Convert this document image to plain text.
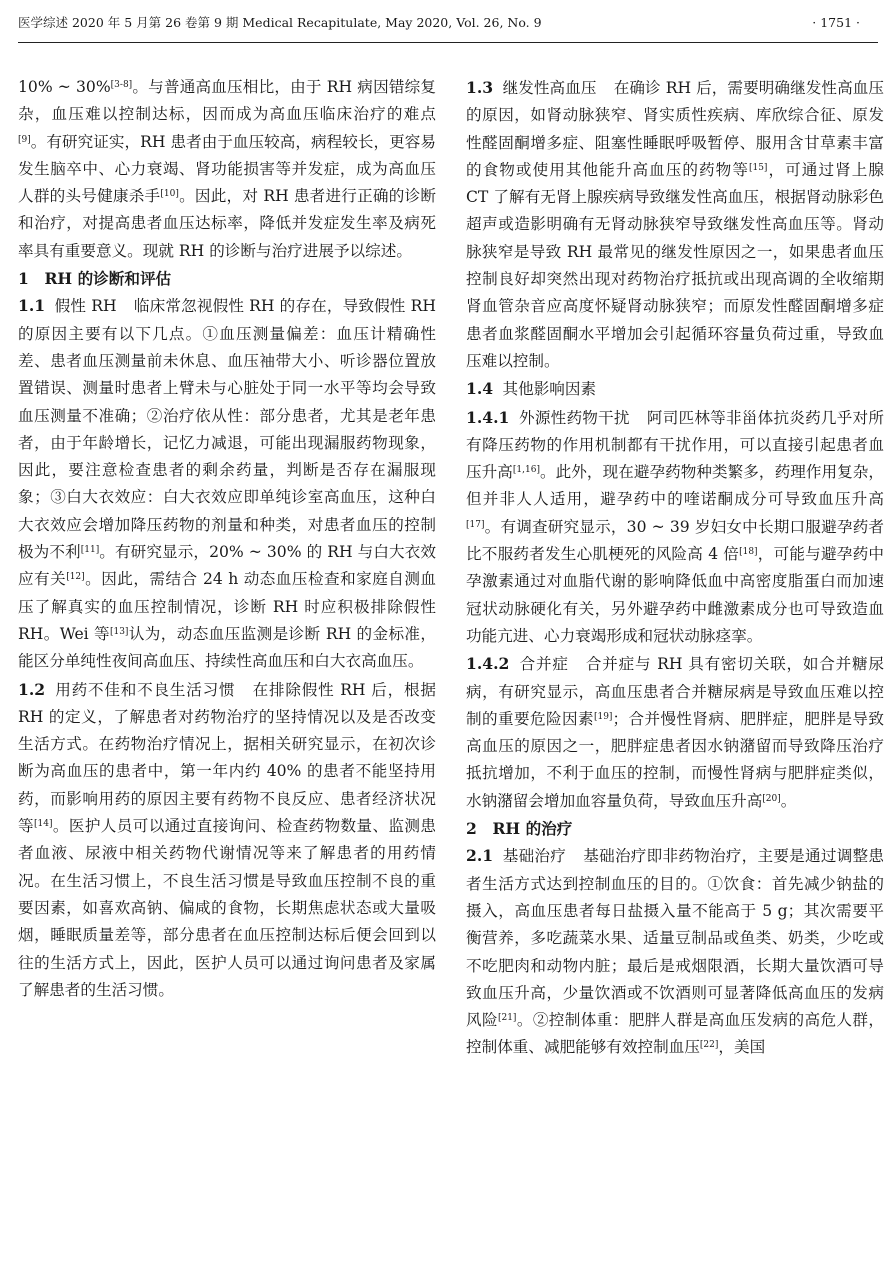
医学综述 2020 年 5 月第 26 卷第 9 期 Medical Recapitulate, May 2020, Vol. 26, No. 9	· 1751 ·

10% ~ 30%[3-8]。与普通高血压相比，由于 RH 病因错综复杂，血压难以控制达标，因而成为高血压临床治疗的难点[9]。有研究证实，RH 患者由于血压较高，病程较长，更容易发生脑卒中、心力衰竭、肾功能损害等并发症，成为高血压人群的头号健康杀手[10]。因此，对 RH 患者进行正确的诊断和治疗，对提高患者血压达标率，降低并发症发生率及病死率具有重要意义。现就 RH 的诊断与治疗进展予以综述。

1　RH 的诊断和评估

1.1 假性 RH 临床常忽视假性 RH 的存在，导致假性 RH 的原因主要有以下几点。①血压测量偏差：血压计精确性差、患者血压测量前未休息、血压袖带大小、听诊器位置放置错误、测量时患者上臂未与心脏处于同一水平等均会导致血压测量不准确；②治疗依从性：部分患者，尤其是老年患者，由于年龄增长，记忆力减退，可能出现漏服药物现象，因此，要注意检查患者的剩余药量，判断是否存在漏服现象；③白大衣效应：白大衣效应即单纯诊室高血压，这种白大衣效应会增加降压药物的剂量和种类，对患者血压的控制极为不利[11]。有研究显示，20% ~ 30% 的 RH 与白大衣效应有关[12]。因此，需结合 24 h 动态血压检查和家庭自测血压了解真实的血压控制情况，诊断 RH 时应积极排除假性 RH。Wei 等[13]认为，动态血压监测是诊断 RH 的金标准，能区分单纯性夜间高血压、持续性高血压和白大衣高血压。

1.2 用药不佳和不良生活习惯 在排除假性 RH 后，根据 RH 的定义，了解患者对药物治疗的坚持情况以及是否改变生活方式。在药物治疗情况上，据相关研究显示，在初次诊断为高血压的患者中，第一年内约 40% 的患者不能坚持用药，而影响用药的原因主要有药物不良反应、患者经济状况等[14]。医护人员可以通过直接询问、检查药物数量、监测患者血液、尿液中相关药物代谢情况等来了解患者的用药情况。在生活习惯上，不良生活习惯是导致血压控制不良的重要因素，如喜欢高钠、偏咸的食物，长期焦虑状态或大量吸烟，睡眠质量差等，部分患者在血压控制达标后便会回到以往的生活方式上，因此，医护人员可以通过询问患者及家属了解患者的生活习惯。

1.3 继发性高血压 在确诊 RH 后，需要明确继发性高血压的原因，如肾动脉狭窄、肾实质性疾病、库欣综合征、原发性醛固酮增多症、阻塞性睡眠呼吸暂停、服用含甘草素丰富的食物或使用其他能升高血压的药物等[15]，可通过肾上腺 CT 了解有无肾上腺疾病导致继发性高血压，根据肾动脉彩色超声或造影明确有无肾动脉狭窄导致继发性高血压等。肾动脉狭窄是导致 RH 最常见的继发性原因之一，如果患者血压控制良好却突然出现对药物治疗抵抗或出现高调的全收缩期肾血管杂音应高度怀疑肾动脉狭窄；而原发性醛固酮增多症患者血浆醛固酮水平增加会引起循环容量负荷过重，导致血压难以控制。

1.4 其他影响因素

1.4.1 外源性药物干扰 阿司匹林等非甾体抗炎药几乎对所有降压药物的作用机制都有干扰作用，可以直接引起患者血压升高[1,16]。此外，现在避孕药物种类繁多，药理作用复杂，但并非人人适用，避孕药中的喹诺酮成分可导致血压升高[17]。有调查研究显示，30 ~ 39 岁妇女中长期口服避孕药者比不服药者发生心肌梗死的风险高 4 倍[18]，可能与避孕药中孕激素通过对血脂代谢的影响降低血中高密度脂蛋白而加速冠状动脉硬化有关，另外避孕药中雌激素成分也可导致造血功能亢进、心力衰竭形成和冠状动脉痉挛。

1.4.2 合并症 合并症与 RH 具有密切关联，如合并糖尿病，有研究显示，高血压患者合并糖尿病是导致血压难以控制的重要危险因素[19]；合并慢性肾病、肥胖症，肥胖是导致高血压的原因之一，肥胖症患者因水钠潴留而导致降压治疗抵抗增加，不利于血压的控制，而慢性肾病与肥胖症类似，水钠潴留会增加血容量负荷，导致血压升高[20]。

2　RH 的治疗

2.1 基础治疗 基础治疗即非药物治疗，主要是通过调整患者生活方式达到控制血压的目的。①饮食：首先减少钠盐的摄入，高血压患者每日盐摄入量不能高于 5 g；其次需要平衡营养，多吃蔬菜水果、适量豆制品或鱼类、奶类，少吃或不吃肥肉和动物内脏；最后是戒烟限酒，长期大量饮酒可导致血压升高，少量饮酒或不饮酒则可显著降低高血压的发病风险[21]。②控制体重：肥胖人群是高血压发病的高危人群，控制体重、减肥能够有效控制血压[22]，美国
